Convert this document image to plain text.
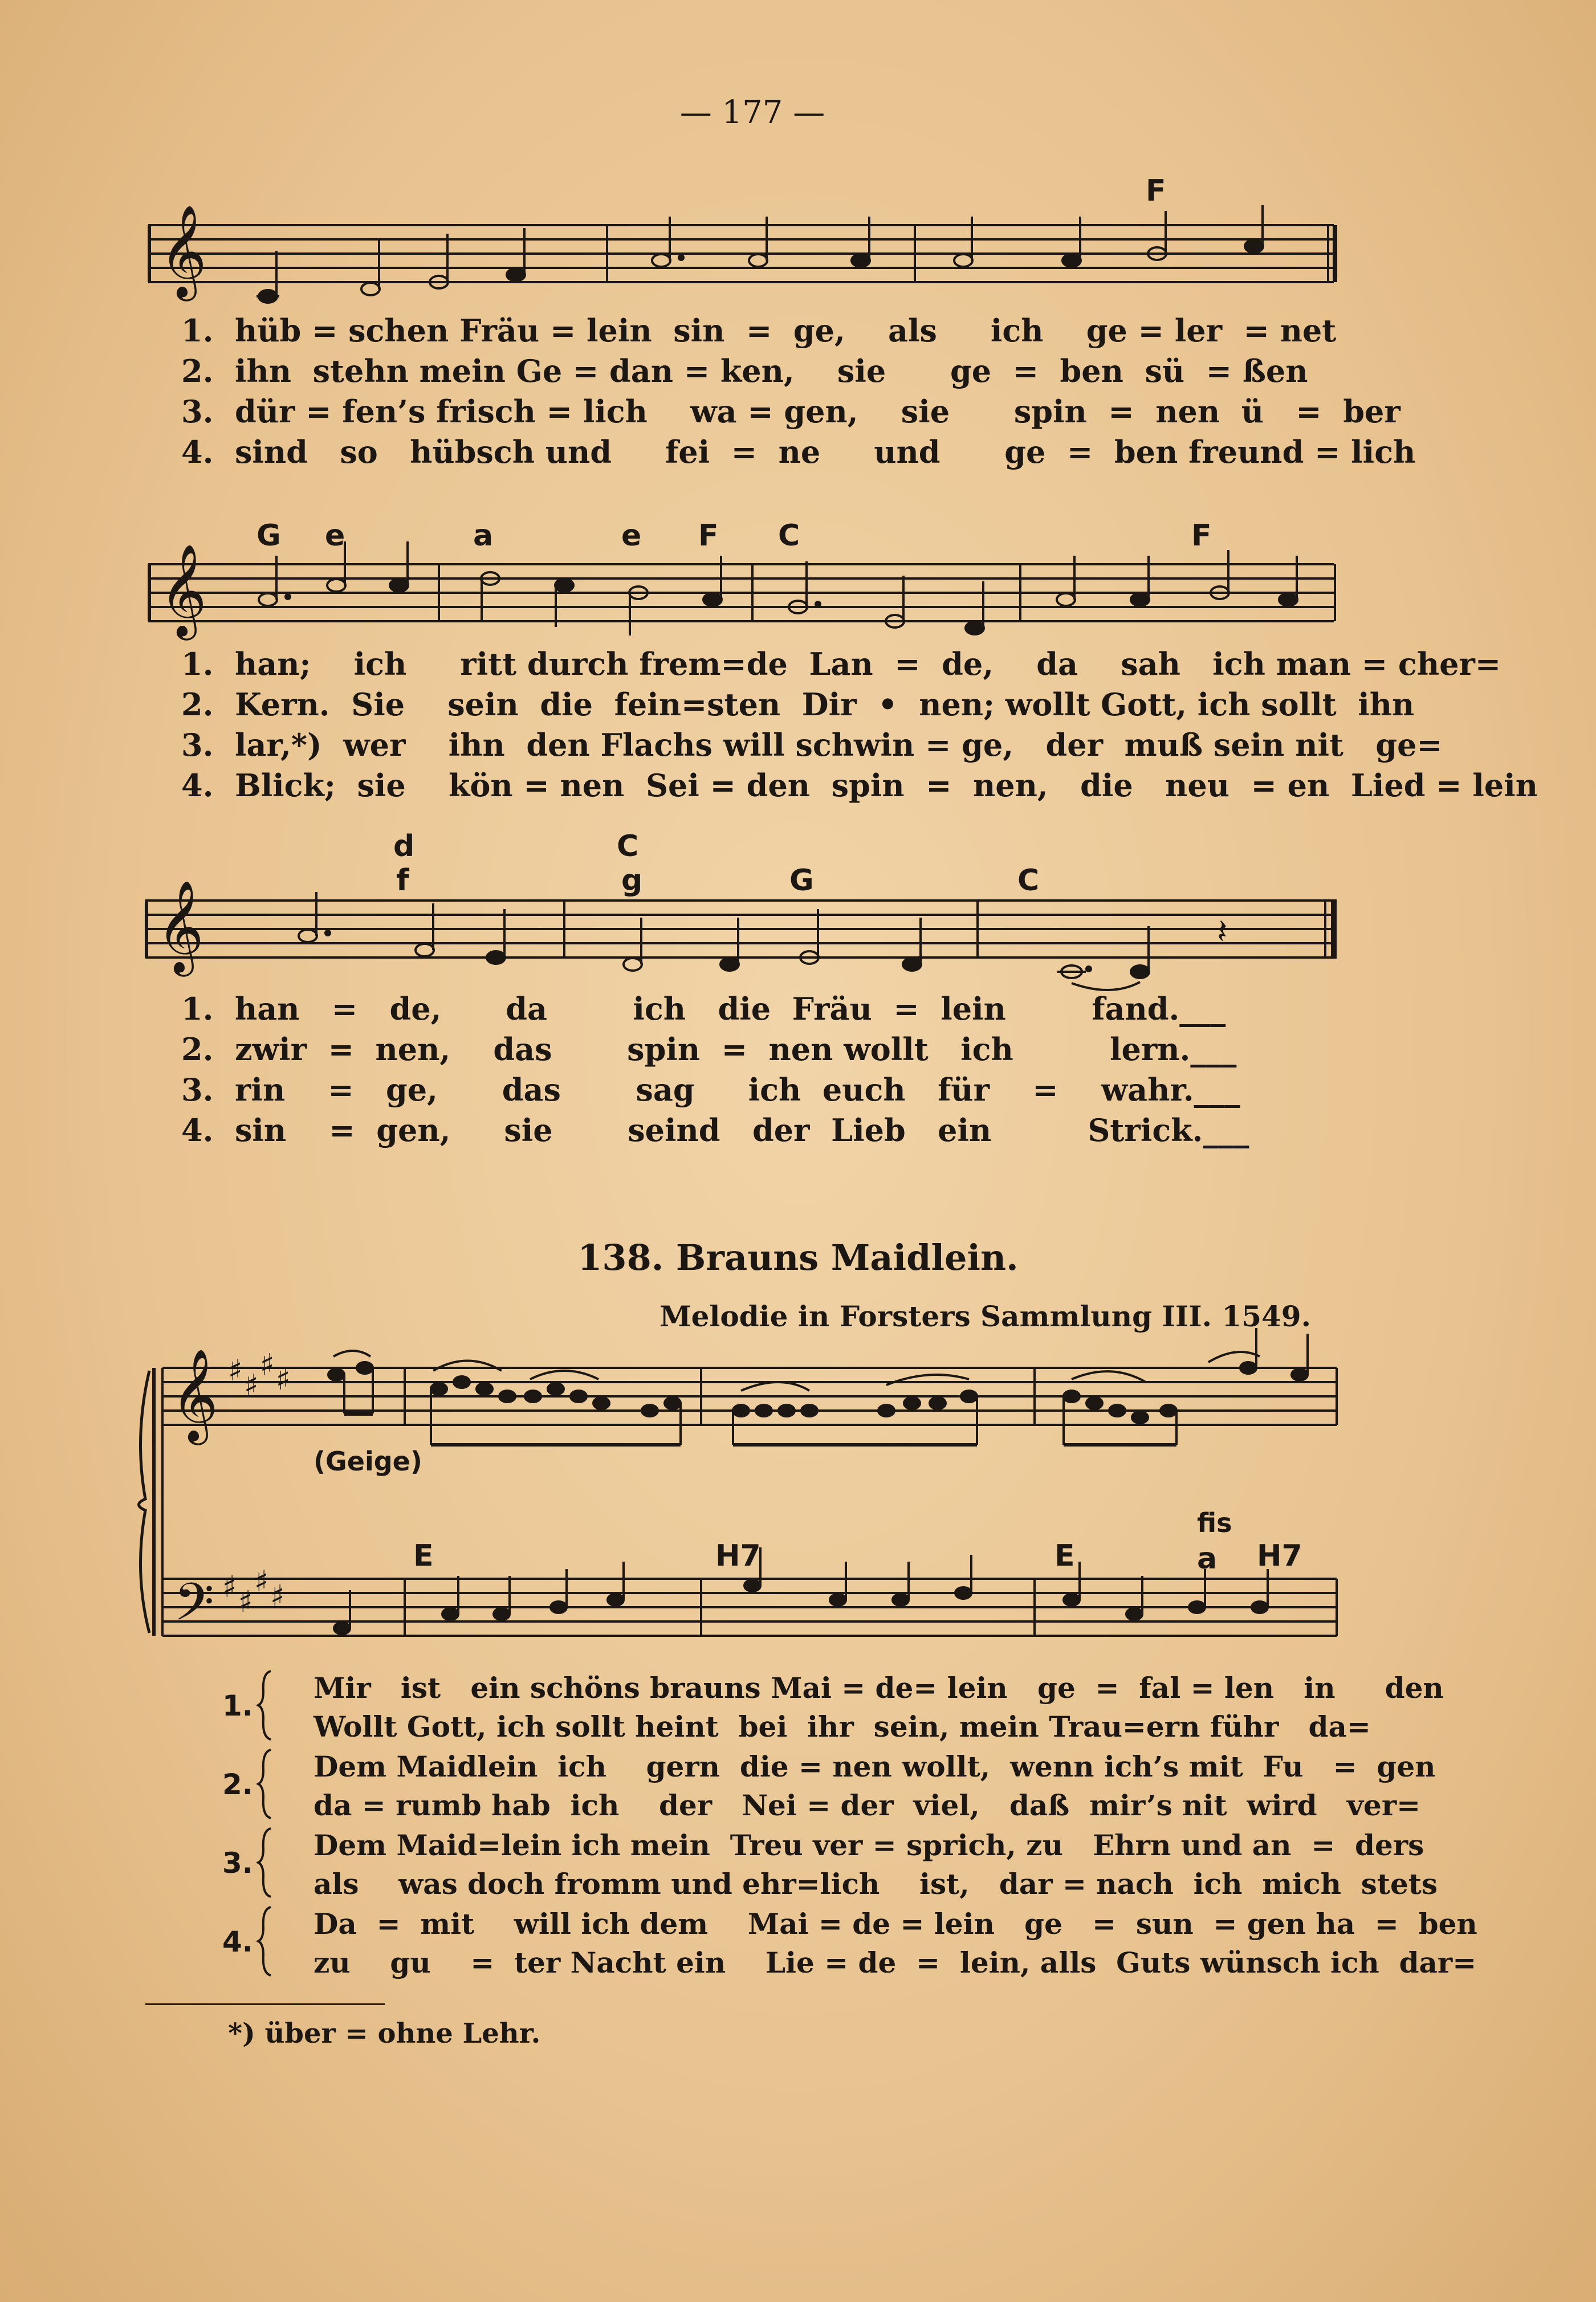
— 177 —
F
𝄞
1. hüb = schen Fräu = lein  sin  =  ge,    als     ich    ge = ler  = net
2. ihn  stehn mein Ge = dan = ken,    sie      ge  =  ben  sü  = ßen
3. dür = fen’s frisch = lich    wa = gen,    sie      spin  =  nen  ü   =  ber
4. sind   so   hübsch und     fei  =  ne     und      ge  =  ben freund = lich
G e	a	e F C	F
𝄞
1. han;    ich     ritt durch frem=de  Lan  =  de,    da    sah   ich man = cher=
2. Kern.  Sie    sein  die  fein=sten  Dir  •  nen; wollt Gott, ich sollt  ihn
3. lar,*)  wer    ihn  den Flachs will schwin = ge,   der  muß sein nit   ge=
4. Blick;  sie    kön = nen  Sei = den  spin  =  nen,   die   neu  = en  Lied = lein
d
f
C
g	G	C
𝄞	𝄽
1. han   =   de,      da        ich   die  Fräu  =  lein        fand.___
2. zwir  =  nen,    das       spin  =  nen wollt   ich         lern.___
3. rin    =   ge,      das       sag     ich  euch   für    =    wahr.___
4. sin    =  gen,     sie       seind   der  Lieb   ein         Strick.___
138. Brauns Maidlein.
Melodie in Forsters Sammlung III. 1549.
𝄞
𝄢
♯ ♯
♯ ♯
♯ ♯
♯ ♯
(Geige)
fis
E	H7	E	a H7
1.
Mir   ist   ein schöns brauns Mai = de= lein   ge  =  fal = len   in     den
Wollt Gott, ich sollt heint  bei  ihr  sein, mein Trau=ern führ   da=
2.
Dem Maidlein  ich    gern  die = nen wollt,  wenn ich’s mit  Fu   =  gen
da = rumb hab  ich    der   Nei = der  viel,   daß  mir’s nit  wird   ver=
3.
Dem Maid=lein ich mein  Treu ver = sprich, zu   Ehrn und an  =  ders
als    was doch fromm und ehr=lich    ist,   dar = nach  ich  mich  stets
4.
Da  =  mit    will ich dem    Mai = de = lein   ge   =  sun  = gen ha  =  ben
zu    gu    =  ter Nacht ein    Lie = de  =  lein, alls  Guts wünsch ich  dar=
*) über = ohne Lehr.
